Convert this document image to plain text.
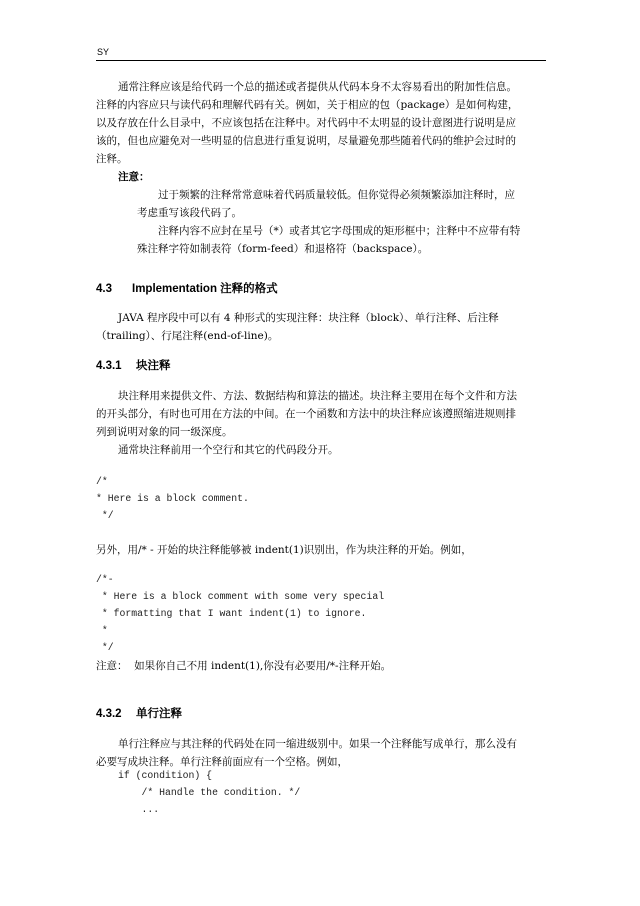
SY
通常注释应该是给代码一个总的描述或者提供从代码本身不太容易看出的附加性信息。
注释的内容应只与读代码和理解代码有关。例如，关于相应的包（package）是如何构建，
以及存放在什么目录中，不应该包括在注释中。对代码中不太明显的设计意图进行说明是应
该的，但也应避免对一些明显的信息进行重复说明，尽量避免那些随着代码的维护会过时的
注释。
注意：
过于频繁的注释常常意味着代码质量较低。但你觉得必须频繁添加注释时，应
考虑重写该段代码了。
注释内容不应封在星号（*）或者其它字母围成的矩形框中；注释中不应带有特
殊注释字符如制表符（form-feed）和退格符（backspace）。
4.3 Implementation 注释的格式
JAVA 程序段中可以有 4 种形式的实现注释：块注释（block）、单行注释、后注释
（trailing）、行尾注释(end-of-line)。
4.3.1 块注释
块注释用来提供文件、方法、数据结构和算法的描述。块注释主要用在每个文件和方法
的开头部分，有时也可用在方法的中间。在一个函数和方法中的块注释应该遵照缩进规则排
列到说明对象的同一级深度。
通常块注释前用一个空行和其它的代码段分开。
/*
* Here is a block comment.
*/
另外，用/* - 开始的块注释能够被 indent(1)识别出，作为块注释的开始。例如，
/*-
* Here is a block comment with some very special
* formatting that I want indent(1) to ignore.
*
*/
注意：  如果你自己不用 indent(1),你没有必要用/*-注释开始。
4.3.2 单行注释
单行注释应与其注释的代码处在同一缩进级别中。如果一个注释能写成单行，那么没有
必要写成块注释。单行注释前面应有一个空格。例如，
if (condition) {
/* Handle the condition. */
...
